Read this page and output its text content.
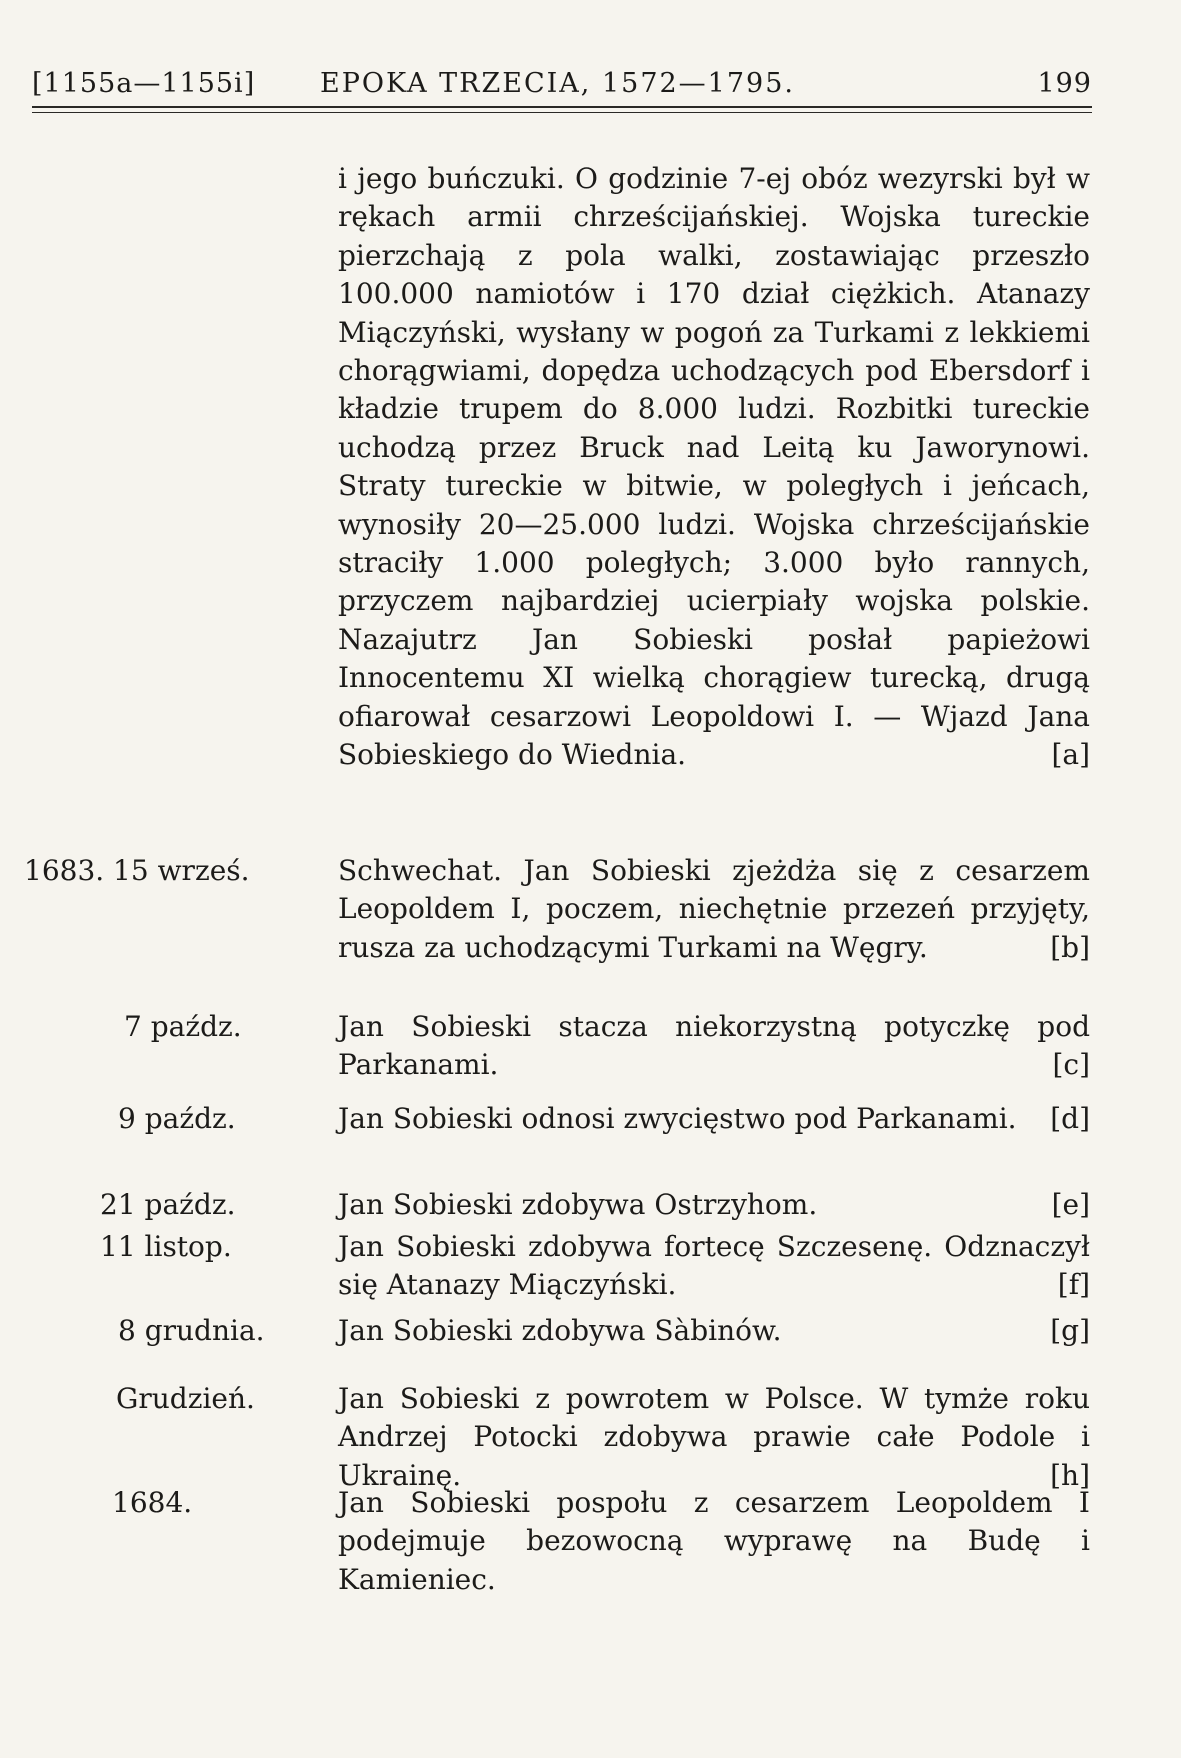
[1155a—1155i] EPOKA TRZECIA, 1572—1795.	199

i jego buńczuki. O godzinie 7-ej obóz wezyrski był w rękach armii chrześcijańskiej. Wojska tureckie pierzchają z pola walki, zostawiając przeszło 100.000 namiotów i 170 dział ciężkich. Atanazy Miączyński, wysłany w pogoń za Turkami z lekkiemi chorągwiami, dopędza uchodzących pod Ebersdorf i kładzie trupem do 8.000 ludzi. Rozbitki tureckie uchodzą przez Bruck nad Leitą ku Jaworynowi. Straty tureckie w bitwie, w poległych i jeńcach, wynosiły 20—25.000 ludzi. Wojska chrześcijańskie straciły 1.000 poległych; 3.000 było rannych, przyczem najbardziej ucierpiały wojska polskie. Nazajutrz Jan Sobieski posłał papieżowi Innocentemu XI wielką chorągiew turecką, drugą ofiarował cesarzowi Leopoldowi I. — Wjazd Jana Sobieskiego do Wiednia.	[a]

1683. 15 wrześ.	Schwechat. Jan Sobieski zjeżdża się z cesarzem Leopoldem I, poczem, niechętnie przezeń przyjęty, rusza za uchodzącymi Turkami na Węgry.	[b]

7 paźdz.	Jan Sobieski stacza niekorzystną potyczkę pod Parkanami.	[c]

9 paźdz.	Jan Sobieski odnosi zwycięstwo pod Parkanami. [d]

21 paźdz.	Jan Sobieski zdobywa Ostrzyhom.	[e]

11 listop.	Jan Sobieski zdobywa fortecę Szczesenę. Odznaczył się Atanazy Miączyński.	[f]

8 grudnia.	Jan Sobieski zdobywa Sàbinów.	[g]

Grudzień.	Jan Sobieski z powrotem w Polsce. W tymże roku Andrzej Potocki zdobywa prawie całe Podole i Ukrainę.	[h]

1684.	Jan Sobieski pospołu z cesarzem Leopoldem I podejmuje bezowocną wyprawę na Budę i Kamieniec.
